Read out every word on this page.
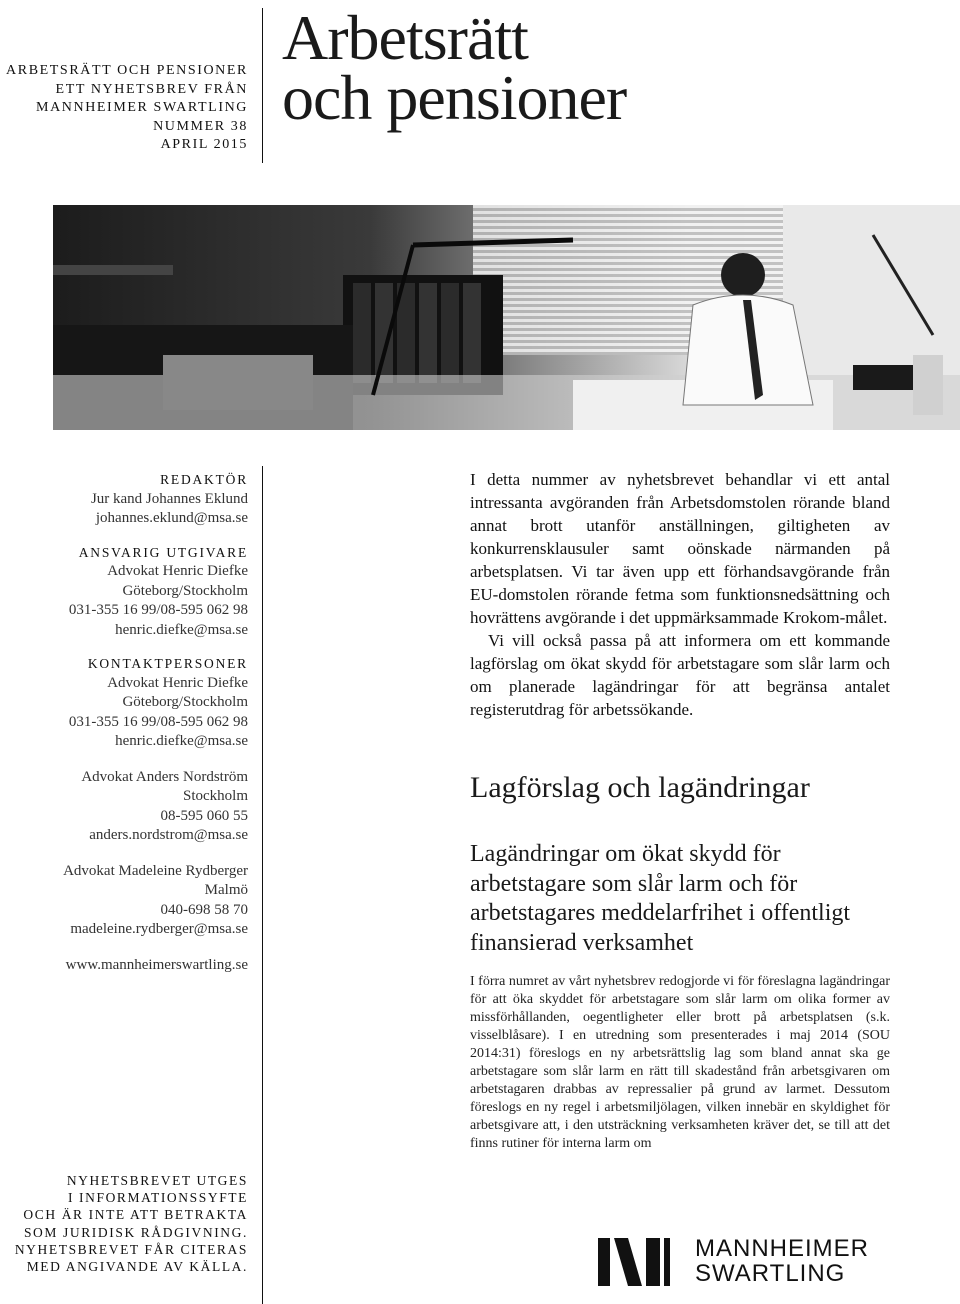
ARBETSRÄTT OCH PENSIONER
ETT NYHETSBREV FRÅN
MANNHEIMER SWARTLING
NUMMER 38
APRIL 2015
Arbetsrätt
och pensioner
REDAKTÖR
Jur kand Johannes Eklund
johannes.eklund@msa.se
ANSVARIG UTGIVARE
Advokat Henric Diefke
Göteborg/Stockholm
031-355 16 99/08-595 062 98
henric.diefke@msa.se
KONTAKTPERSONER
Advokat Henric Diefke
Göteborg/Stockholm
031-355 16 99/08-595 062 98
henric.diefke@msa.se
Advokat Anders Nordström
Stockholm
08-595 060 55
anders.nordstrom@msa.se
Advokat Madeleine Rydberger
Malmö
040-698 58 70
madeleine.rydberger@msa.se
www.mannheimerswartling.se
NYHETSBREVET UTGES
I INFORMATIONSSYFTE
OCH ÄR INTE ATT BETRAKTA
SOM JURIDISK RÅDGIVNING.
NYHETSBREVET FÅR CITERAS
MED ANGIVANDE AV KÄLLA.

I detta nummer av nyhetsbrevet behandlar vi ett antal intressanta avgöranden från Arbetsdomstolen rörande bland annat brott utanför anställningen, giltigheten av konkurrensklausuler samt oönskade närmanden på arbetsplatsen. Vi tar även upp ett förhandsavgörande från EU-domstolen rörande fetma som funktionsnedsättning och hovrättens avgörande i det uppmärksammade Krokom-målet.

Vi vill också passa på att informera om ett kommande lagförslag om ökat skydd för arbetstagare som slår larm och om planerade lagändringar för att begränsa antalet registerutdrag för arbetssökande.

Lagförslag och lagändringar
Lagändringar om ökat skydd för arbetstagare som slår larm och för arbetstagares meddelarfrihet i offentligt finansierad verksamhet
I förra numret av vårt nyhetsbrev redogjorde vi för föreslagna lagändringar för att öka skyddet för arbetstagare som slår larm om olika former av missförhållanden, oegentligheter eller brott på arbetsplatsen (s.k. visselblåsare). I en utredning som presenterades i maj 2014 (SOU 2014:31) föreslogs en ny arbetsrättslig lag som bland annat ska ge arbetstagare som slår larm en rätt till skadestånd från arbetsgivaren om arbetstagaren drabbas av repressalier på grund av larmet. Dessutom föreslogs en ny regel i arbetsmiljölagen, vilken innebär en skyldighet för arbetsgivare att, i den utsträckning verksamheten kräver det, se till att det finns rutiner för interna larm om
MANNHEIMER
SWARTLING
